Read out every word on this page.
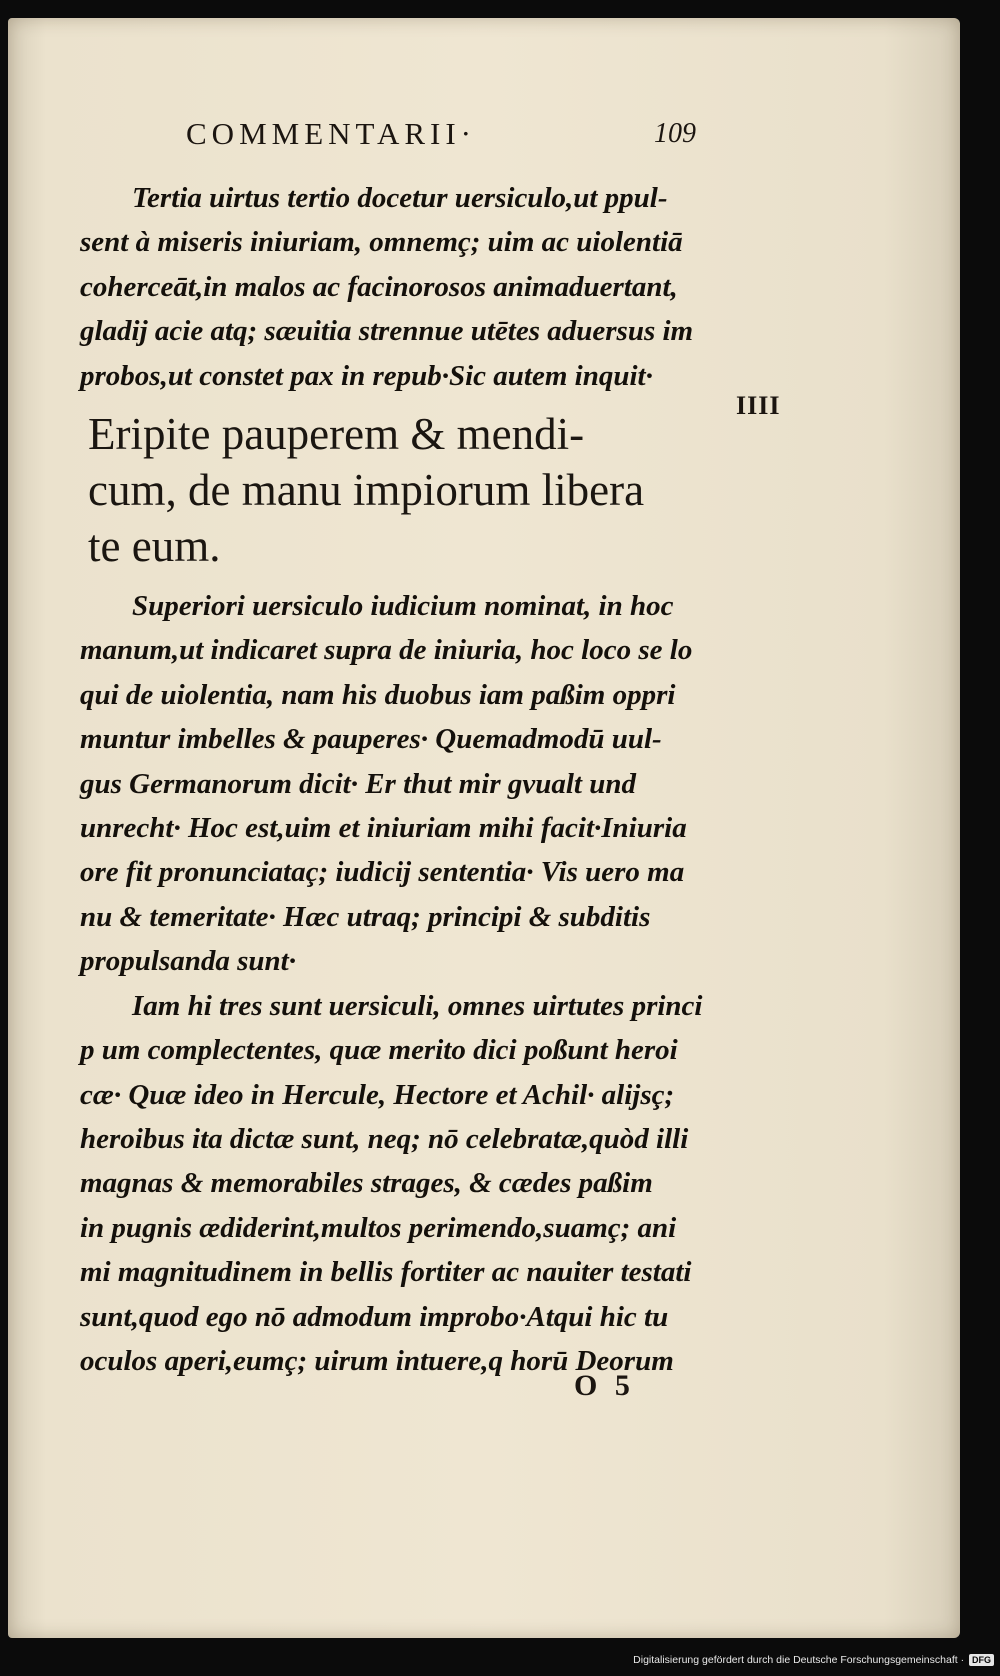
COMMENTARII·	109
IIII

Tertia uirtus tertio docetur uersiculo,ut ppul-

sent à miseris iniuriam, omnemç; uim ac uiolentiā

coherceāt,in malos ac facinorosos animaduertant,

gladij acie atq; sæuitia strennue utētes aduersus im

probos,ut constet pax in repub·Sic autem inquit·

Eripite pauperem & mendi-

cum, de manu impiorum libera

te eum.

Superiori uersiculo iudicium nominat, in hoc

manum,ut indicaret supra de iniuria, hoc loco se lo

qui de uiolentia, nam his duobus iam paßim oppri

muntur imbelles & pauperes· Quemadmodū uul-

gus Germanorum dicit· Er thut mir gvualt und

unrecht· Hoc est,uim et iniuriam mihi facit·Iniuria

ore fit pronunciataç; iudicij sententia· Vis uero ma

nu & temeritate· Hæc utraq; principi & subditis

propulsanda sunt·

Iam hi tres sunt uersiculi, omnes uirtutes princi

p um complectentes, quæ merito dici poßunt heroi

cæ· Quæ ideo in Hercule, Hectore et Achil· alijsç;

heroibus ita dictæ sunt, neq; nō celebratæ,quòd illi

magnas & memorabiles strages, & cædes paßim

in pugnis ædiderint,multos perimendo,suamç; ani

mi magnitudinem in bellis fortiter ac nauiter testati

sunt,quod ego nō admodum improbo·Atqui hic tu

oculos aperi,eumç; uirum intuere,q horū Deorum

O 5
Digitalisierung gefördert durch die Deutsche Forschungsgemeinschaft · DFG
